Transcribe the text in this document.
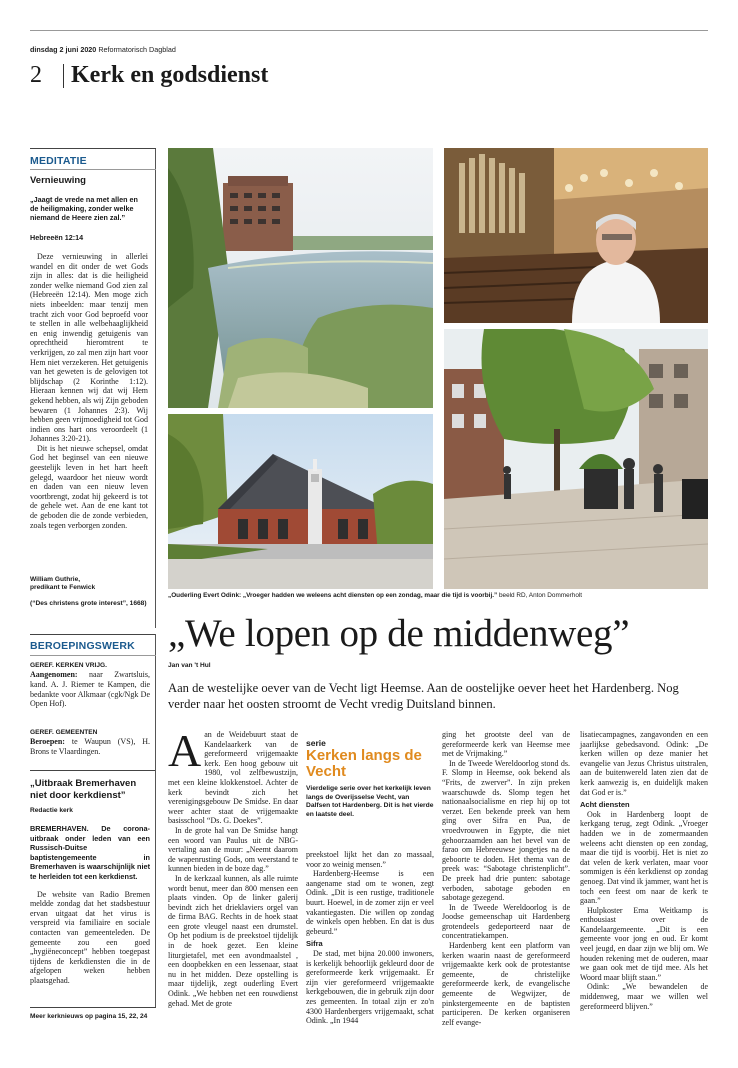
dinsdag 2 juni 2020 Reformatorisch Dagblad
2 Kerk en godsdienst
MEDITATIE
Vernieuwing
„Jaagt de vrede na met allen en de heiligmaking, zonder welke niemand de Heere zien zal.”
Hebreeën 12:14

Deze vernieuwing in allerlei wandel en dit onder de wet Gods zijn in alles: dat is die heiligheid zonder welke niemand God zien zal (Hebreeën 12:14). Men moge zich niets inbeelden: maar tenzij men tracht zich voor God beproefd voor te stellen in alle welbehaaglijkheid en enig inwendig getuigenis van oprechtheid hieromtrent te verkrijgen, zo zal men zijn hart voor Hem niet verzekeren. Het getuigenis van het geweten is de gelovigen tot blijdschap (2 Korinthe 1:12). Hieraan kennen wij dat wij Hem gekend hebben, als wij Zijn geboden bewaren (1 Johannes 2:3). Wij hebben geen vrijmoedigheid tot God indien ons hart ons veroordeelt (1 Johannes 3:20-21).

Dit is het nieuwe schepsel, omdat God het beginsel van een nieuwe geestelijk leven in het hart heeft gelegd, waardoor het nieuw wordt en daden van een nieuw leven voortbrengt, zodat hij gekeerd is tot de gehele wet. Aan de ene kant tot de geboden die de zonde verbieden, zoals tegen verborgen zonden.

William Guthrie,
predikant te Fenwick
(“Des christens grote interest”, 1668)
BEROEPINGSWERK

GEREF. KERKEN VRIJG.

Aangenomen: naar Zwartsluis, kand. A. J. Riemer te Kampen, die bedankte voor Alkmaar (cgk/Ngk De Open Hof).

GEREF. GEMEENTEN

Beroepen: te Waupun (VS), H. Brons te Vlaardingen.

„Uitbraak Bremerhaven niet door kerkdienst”
Redactie kerk

BREMERHAVEN. De corona-uitbraak onder leden van een Russisch-Duitse baptistengemeente in Bremerhaven is waarschijnlijk niet te herleiden tot een kerkdienst.

De website van Radio Bremen meldde zondag dat het stadsbestuur ervan uitgaat dat het virus is verspreid via familiaire en sociale contacten van gemeenteleden. De gemeente zou een goed „hygiëneconcept” hebben toegepast tijdens de kerkdiensten die in de afgelopen weken hebben plaatsgehad.

Meer kerknieuws op pagina 15, 22, 24
„Ouderling Evert Odink: „Vroeger hadden we weleens acht diensten op een zondag, maar die tijd is voorbij.” beeld RD, Anton Dommerholt
„We lopen op de middenweg”
Jan van 't Hul
Aan de westelijke oever van de Vecht ligt Heemse. Aan de oostelijke oever heet het Hardenberg. Nog verder naar het oosten stroomt de Vecht vredig Duitsland binnen.
A an de Weidebuurt staat de Kandelaarkerk van de gereformeerd vrijgemaakte kerk. Een hoog gebouw uit 1980, vol zelfbewustzijn, met een kleine klokkenstoel. Achter de kerk bevindt zich het verenigingsgebouw De Smidse. En daar weer achter staat de vrijgemaakte basisschool “Ds. G. Doekes”.

In de grote hal van De Smidse hangt een woord van Paulus uit de NBG-vertaling aan de muur: „Neemt daarom de wapenrusting Gods, om weerstand te kunnen bieden in de boze dag.”

In de kerkzaal kunnen, als alle ruimte wordt benut, meer dan 800 mensen een plaats vinden. Op de linker galerij bevindt zich het drieklaviers orgel van de firma BAG. Rechts in de hoek staat een grote vleugel naast een drumstel. Op het podium is de preekstoel tijdelijk in de hoek gezet. Een kleine liturgietafel, met een avondmaalstel , een doopbekken en een lessenaar, staat nu in het midden. Deze opstelling is maar tijdelijk, zegt ouderling Evert Odink. „We hebben net een rouwdienst gehad. Met de grote

serie
Kerken langs de Vecht
Vierdelige serie over het kerkelijk leven langs de Overijsselse Vecht, van Dalfsen tot Hardenberg. Dit is het vierde en laatste deel.

preekstoel lijkt het dan zo massaal, voor zo weinig mensen.”

Hardenberg-Heemse is een aangename stad om te wonen, zegt Odink. „Dit is een rustige, traditionele buurt. Hoewel, in de zomer zijn er veel vakantiegasten. Die willen op zondag de winkels open hebben. En dat is dus gebeurd.”

Sifra

De stad, met bijna 20.000 inwoners, is kerkelijk behoorlijk gekleurd door de gereformeerde kerk vrijgemaakt. Er zijn vier gereformeerd vrijgemaakte kerkgebouwen, die in gebruik zijn door zes gemeenten. In totaal zijn er zo'n 4300 Hardenbergers vrijgemaakt, schat Odink. „In 1944

ging het grootste deel van de gereformeerde kerk van Heemse mee met de Vrijmaking.”

In de Tweede Wereldoorlog stond ds. F. Slomp in Heemse, ook bekend als “Frits, de zwerver”. In zijn preken waarschuwde ds. Slomp tegen het nationaalsocialisme en riep hij op tot verzet. Een bekende preek van hem ging over Sifra en Pua, de vroedvrouwen in Egypte, die niet gehoorzaamden aan het bevel van de farao om Hebreeuwse jongetjes na de geboorte te doden. Het thema van de preek was: “Sabotage christenplicht”. De preek had drie punten: sabotage verboden, sabotage geboden en sabotage gezegend.

In de Tweede Wereldoorlog is de Joodse gemeenschap uit Hardenberg grotendeels gedeporteerd naar de concentratiekampen.

Hardenberg kent een platform van kerken waarin naast de gereformeerd vrijgemaakte kerk ook de protestantse gemeente, de christelijke gereformeerde kerk, de evangelische gemeente de Wegwijzer, de pinkstergemeente en de baptisten participeren. De kerken organiseren zelf evange-

lisatiecampagnes, zangavonden en een jaarlijkse gebedsavond. Odink: „De kerken willen op deze manier het evangelie van Jezus Christus uitstralen, aan de buitenwereld laten zien dat de kerk aanwezig is, en duidelijk maken dat God er is.”

Acht diensten

Ook in Hardenberg loopt de kerkgang terug, zegt Odink. „Vroeger hadden we in de zomermaanden weleens acht diensten op een zondag, maar die tijd is voorbij. Het is niet zo dat velen de kerk verlaten, maar voor sommigen is één kerkdienst op zondag genoeg. Dat vind ik jammer, want het is toch een feest om naar de kerk te gaan.”

Hulpkoster Erna Weitkamp is enthousiast over de Kandelaargemeente. „Dit is een gemeente voor jong en oud. Er komt veel jeugd, en daar zijn we blij om. We houden rekening met de ouderen, maar we gaan ook met de tijd mee. Als het Woord maar blijft staan.”

Odink: „We bewandelen de middenweg, maar we willen wel gereformeerd blijven.”
